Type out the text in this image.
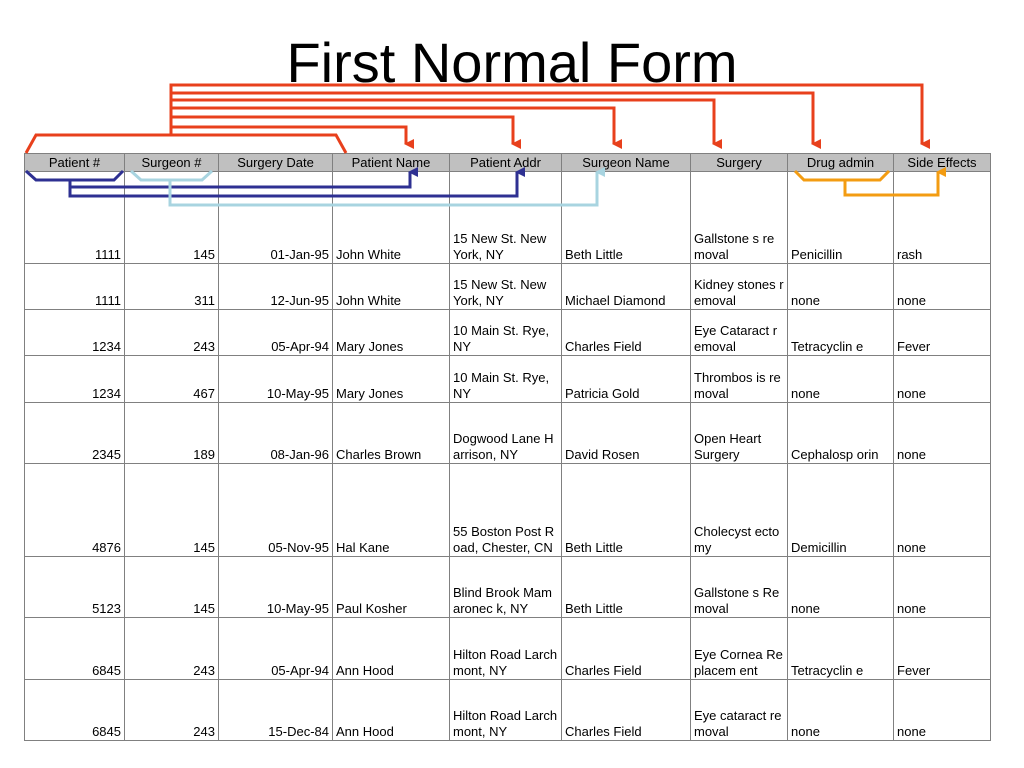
First Normal Form
Patient #	Surgeon #	Surgery Date	Patient Name	Patient Addr	Surgeon Name	Surgery	Drug admin	Side Effects
1111	145	01-Jan-95	John White	15 New St. New York, NY	Beth Little	Gallstone s removal	Penicillin	rash
1111	311	12-Jun-95	John White	15 New St. New York, NY	Michael Diamond	Kidney stones removal	none	none
1234	243	05-Apr-94	Mary Jones	10 Main St. Rye, NY	Charles Field	Eye Cataract removal	Tetracyclin e	Fever
1234	467	10-May-95	Mary Jones	10 Main St. Rye, NY	Patricia Gold	Thrombos is removal	none	none
2345	189	08-Jan-96	Charles Brown	Dogwood Lane Harrison, NY	David Rosen	Open Heart Surgery	Cephalosp orin	none
4876	145	05-Nov-95	Hal Kane	55 Boston Post Road, Chester, CN	Beth Little	Cholecyst ectomy	Demicillin	none
5123	145	10-May-95	Paul Kosher	Blind Brook Mamaronec k, NY	Beth Little	Gallstone s Removal	none	none
6845	243	05-Apr-94	Ann Hood	Hilton Road Larchmont, NY	Charles Field	Eye Cornea Replacem ent	Tetracyclin e	Fever
6845	243	15-Dec-84	Ann Hood	Hilton Road Larchmont, NY	Charles Field	Eye cataract removal	none	none
